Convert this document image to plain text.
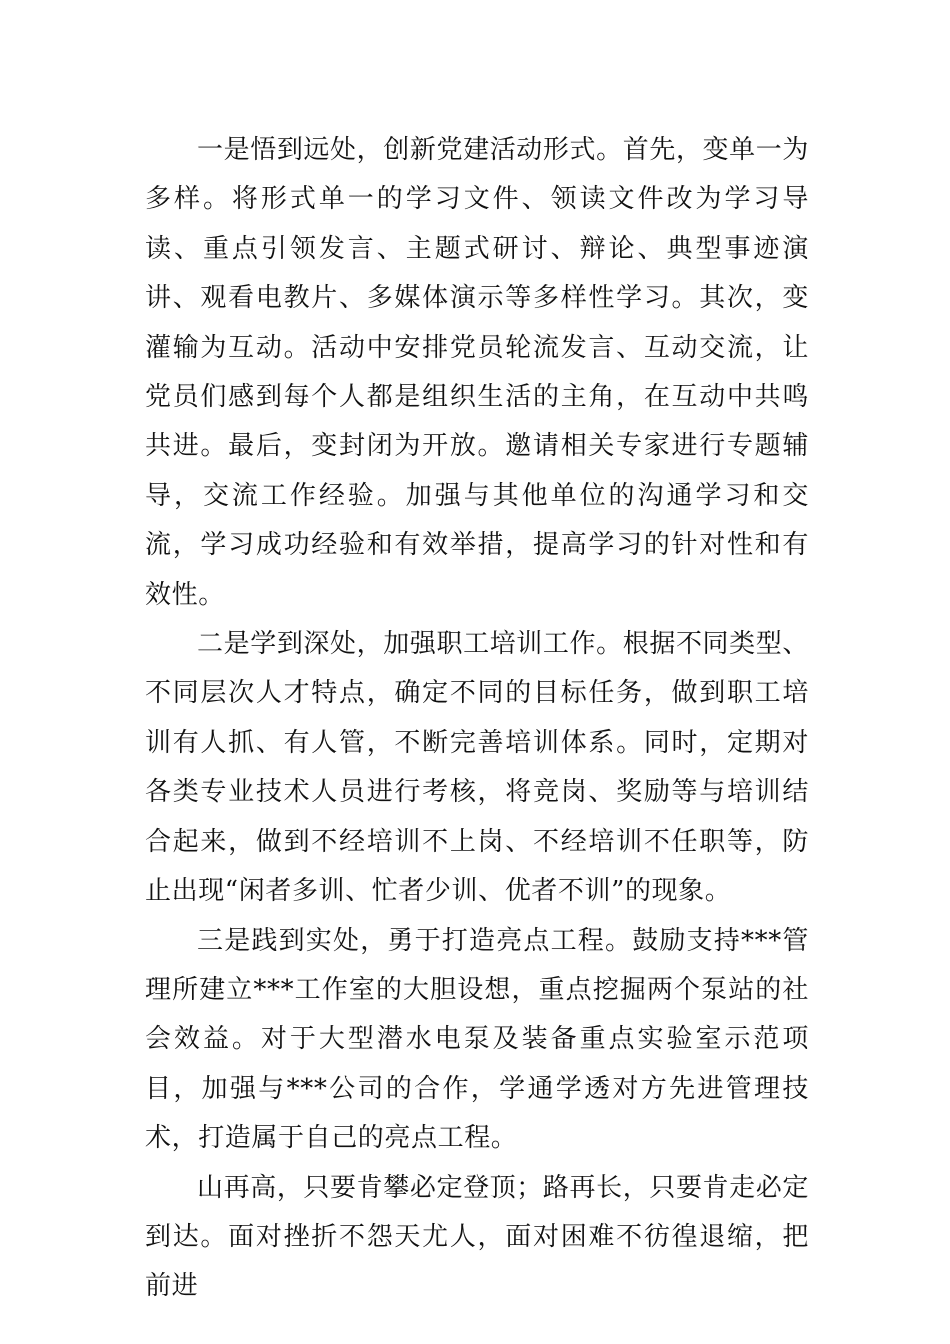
一是悟到远处，创新党建活动形式。首先，变单一为多样。将形式单一的学习文件、领读文件改为学习导读、重点引领发言、主题式研讨、辩论、典型事迹演讲、观看电教片、多媒体演示等多样性学习。其次，变灌输为互动。活动中安排党员轮流发言、互动交流，让党员们感到每个人都是组织生活的主角，在互动中共鸣共进。最后，变封闭为开放。邀请相关专家进行专题辅导，交流工作经验。加强与其他单位的沟通学习和交流，学习成功经验和有效举措，提高学习的针对性和有效性。

二是学到深处，加强职工培训工作。根据不同类型、不同层次人才特点，确定不同的目标任务，做到职工培训有人抓、有人管，不断完善培训体系。同时，定期对各类专业技术人员进行考核，将竞岗、奖励等与培训结合起来，做到不经培训不上岗、不经培训不任职等，防止出现“闲者多训、忙者少训、优者不训”的现象。

三是践到实处，勇于打造亮点工程。鼓励支持***管理所建立***工作室的大胆设想，重点挖掘两个泵站的社会效益。对于大型潜水电泵及装备重点实验室示范项目，加强与***公司的合作，学通学透对方先进管理技术，打造属于自己的亮点工程。

山再高，只要肯攀必定登顶；路再长，只要肯走必定到达。面对挫折不怨天尤人，面对困难不彷徨退缩，把前进
